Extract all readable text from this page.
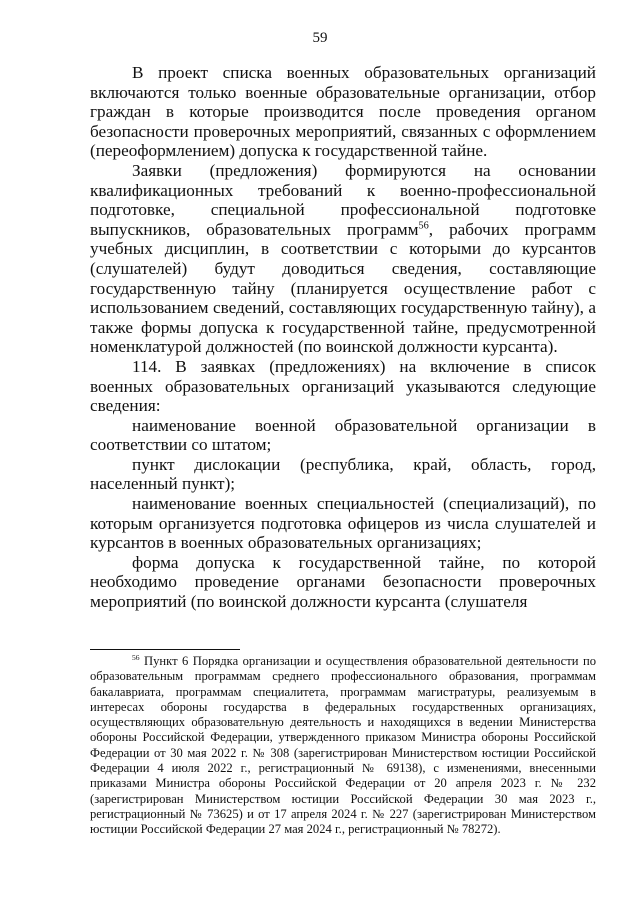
59

В проект списка военных образовательных организаций включаются только военные образовательные организации, отбор граждан в которые производится после проведения органом безопасности проверочных мероприятий, связанных с оформлением (переоформлением) допуска к государственной тайне.

Заявки (предложения) формируются на основании квалификационных требований к военно-профессиональной подготовке, специальной профессиональной подготовке выпускников, образовательных программ$^{56}$, рабочих программ учебных дисциплин, в соответствии с которыми до курсантов (слушателей) будут доводиться сведения, составляющие государственную тайну (планируется осуществление работ с использованием сведений, составляющих государственную тайну), а также формы допуска к государственной тайне, предусмотренной номенклатурой должностей (по воинской должности курсанта).

114. В заявках (предложениях) на включение в список военных образовательных организаций указываются следующие сведения:

наименование военной образовательной организации в соответствии со штатом;

пункт дислокации (республика, край, область, город, населенный пункт);

наименование военных специальностей (специализаций), по которым организуется подготовка офицеров из числа слушателей и курсантов в военных образовательных организациях;

форма допуска к государственной тайне, по которой необходимо проведение органами безопасности проверочных мероприятий (по воинской должности курсанта (слушателя

$^{56}$ Пункт 6 Порядка организации и осуществления образовательной деятельности по образовательным программам среднего профессионального образования, программам бакалавриата, программам специалитета, программам магистратуры, реализуемым в интересах обороны государства в федеральных государственных организациях, осуществляющих образовательную деятельность и находящихся в ведении Министерства обороны Российской Федерации, утвержденного приказом Министра обороны Российской Федерации от 30 мая 2022 г. № 308 (зарегистрирован Министерством юстиции Российской Федерации 4 июля 2022 г., регистрационный № 69138), с изменениями, внесенными приказами Министра обороны Российской Федерации от 20 апреля 2023 г. № 232 (зарегистрирован Министерством юстиции Российской Федерации 30 мая 2023 г., регистрационный № 73625) и от 17 апреля 2024 г. № 227 (зарегистрирован Министерством юстиции Российской Федерации 27 мая 2024 г., регистрационный № 78272).
